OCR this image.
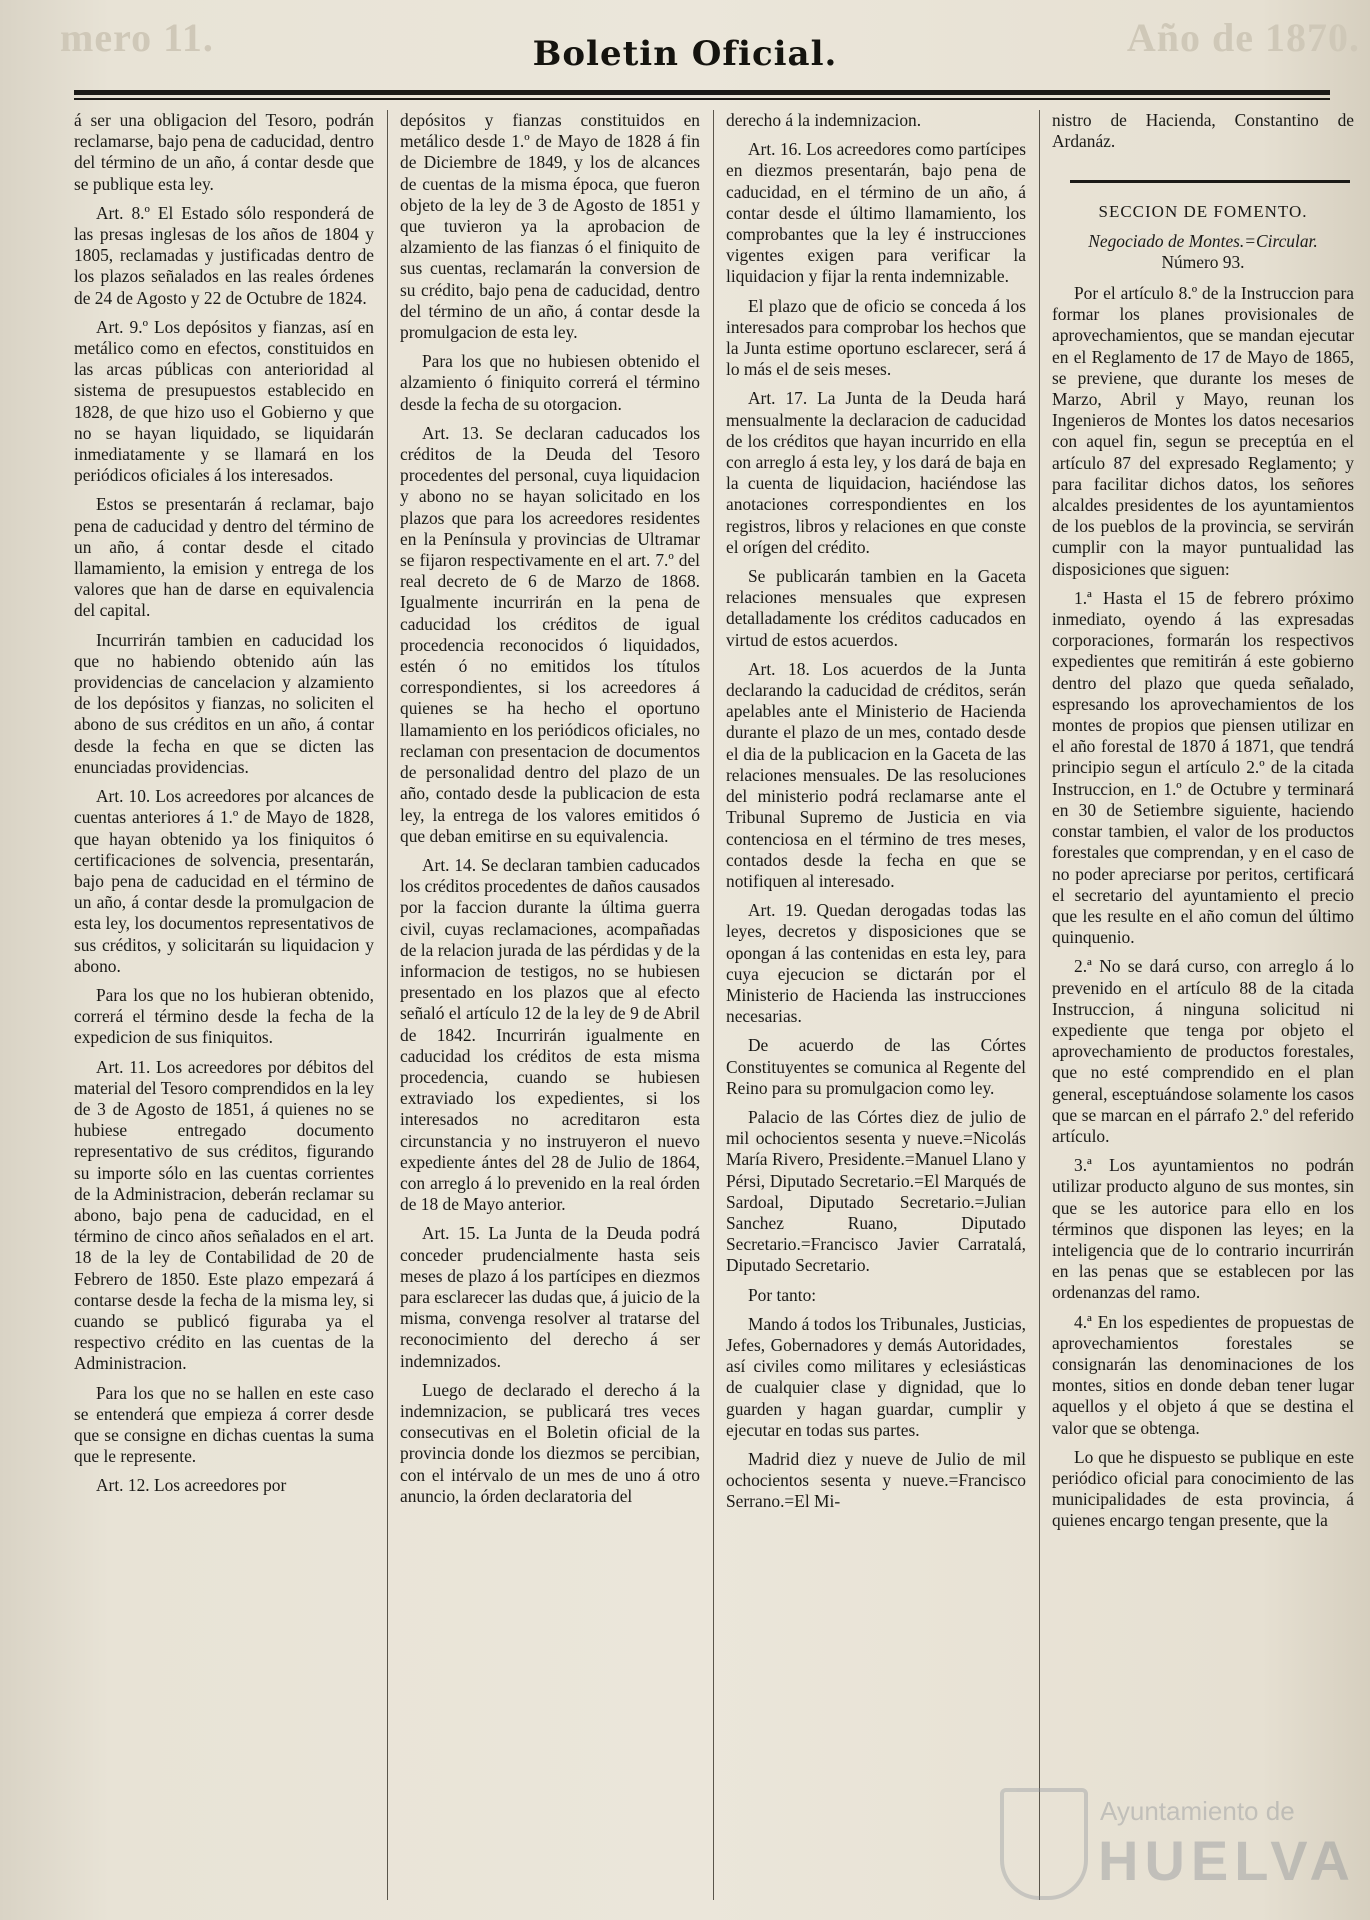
mero 11.	Año de 1870.
Boletin Oficial.

á ser una obligacion del Tesoro, podrán reclamarse, bajo pena de caducidad, dentro del término de un año, á contar desde que se publique esta ley.

Art. 8.º El Estado sólo responderá de las presas inglesas de los años de 1804 y 1805, reclamadas y justificadas dentro de los plazos señalados en las reales órdenes de 24 de Agosto y 22 de Octubre de 1824.

Art. 9.º Los depósitos y fianzas, así en metálico como en efectos, constituidos en las arcas públicas con anterioridad al sistema de presupuestos establecido en 1828, de que hizo uso el Gobierno y que no se hayan liquidado, se liquidarán inmediatamente y se llamará en los periódicos oficiales á los interesados.

Estos se presentarán á reclamar, bajo pena de caducidad y dentro del término de un año, á contar desde el citado llamamiento, la emision y entrega de los valores que han de darse en equivalencia del capital.

Incurrirán tambien en caducidad los que no habiendo obtenido aún las providencias de cancelacion y alzamiento de los depósitos y fianzas, no soliciten el abono de sus créditos en un año, á contar desde la fecha en que se dicten las enunciadas providencias.

Art. 10. Los acreedores por alcances de cuentas anteriores á 1.º de Mayo de 1828, que hayan obtenido ya los finiquitos ó certificaciones de solvencia, presentarán, bajo pena de caducidad en el término de un año, á contar desde la promulgacion de esta ley, los documentos representativos de sus créditos, y solicitarán su liquidacion y abono.

Para los que no los hubieran obtenido, correrá el término desde la fecha de la expedicion de sus finiquitos.

Art. 11. Los acreedores por débitos del material del Tesoro comprendidos en la ley de 3 de Agosto de 1851, á quienes no se hubiese entregado documento representativo de sus créditos, figurando su importe sólo en las cuentas corrientes de la Administracion, deberán reclamar su abono, bajo pena de caducidad, en el término de cinco años señalados en el art. 18 de la ley de Contabilidad de 20 de Febrero de 1850. Este plazo empezará á contarse desde la fecha de la misma ley, si cuando se publicó figuraba ya el respectivo crédito en las cuentas de la Administracion.

Para los que no se hallen en este caso se entenderá que empieza á correr desde que se consigne en dichas cuentas la suma que le represente.

Art. 12. Los acreedores por

depósitos y fianzas constituidos en metálico desde 1.º de Mayo de 1828 á fin de Diciembre de 1849, y los de alcances de cuentas de la misma época, que fueron objeto de la ley de 3 de Agosto de 1851 y que tuvieron ya la aprobacion de alzamiento de las fianzas ó el finiquito de sus cuentas, reclamarán la conversion de su crédito, bajo pena de caducidad, dentro del término de un año, á contar desde la promulgacion de esta ley.

Para los que no hubiesen obtenido el alzamiento ó finiquito correrá el término desde la fecha de su otorgacion.

Art. 13. Se declaran caducados los créditos de la Deuda del Tesoro procedentes del personal, cuya liquidacion y abono no se hayan solicitado en los plazos que para los acreedores residentes en la Península y provincias de Ultramar se fijaron respectivamente en el art. 7.º del real decreto de 6 de Marzo de 1868. Igualmente incurrirán en la pena de caducidad los créditos de igual procedencia reconocidos ó liquidados, estén ó no emitidos los títulos correspondientes, si los acreedores á quienes se ha hecho el oportuno llamamiento en los periódicos oficiales, no reclaman con presentacion de documentos de personalidad dentro del plazo de un año, contado desde la publicacion de esta ley, la entrega de los valores emitidos ó que deban emitirse en su equivalencia.

Art. 14. Se declaran tambien caducados los créditos procedentes de daños causados por la faccion durante la última guerra civil, cuyas reclamaciones, acompañadas de la relacion jurada de las pérdidas y de la informacion de testigos, no se hubiesen presentado en los plazos que al efecto señaló el artículo 12 de la ley de 9 de Abril de 1842. Incurrirán igualmente en caducidad los créditos de esta misma procedencia, cuando se hubiesen extraviado los expedientes, si los interesados no acreditaron esta circunstancia y no instruyeron el nuevo expediente ántes del 28 de Julio de 1864, con arreglo á lo prevenido en la real órden de 18 de Mayo anterior.

Art. 15. La Junta de la Deuda podrá conceder prudencialmente hasta seis meses de plazo á los partícipes en diezmos para esclarecer las dudas que, á juicio de la misma, convenga resolver al tratarse del reconocimiento del derecho á ser indemnizados.

Luego de declarado el derecho á la indemnizacion, se publicará tres veces consecutivas en el Boletin oficial de la provincia donde los diezmos se percibian, con el intérvalo de un mes de uno á otro anuncio, la órden declaratoria del

derecho á la indemnizacion.

Art. 16. Los acreedores como partícipes en diezmos presentarán, bajo pena de caducidad, en el término de un año, á contar desde el último llamamiento, los comprobantes que la ley é instrucciones vigentes exigen para verificar la liquidacion y fijar la renta indemnizable.

El plazo que de oficio se conceda á los interesados para comprobar los hechos que la Junta estime oportuno esclarecer, será á lo más el de seis meses.

Art. 17. La Junta de la Deuda hará mensualmente la declaracion de caducidad de los créditos que hayan incurrido en ella con arreglo á esta ley, y los dará de baja en la cuenta de liquidacion, haciéndose las anotaciones correspondientes en los registros, libros y relaciones en que conste el orígen del crédito.

Se publicarán tambien en la Gaceta relaciones mensuales que expresen detalladamente los créditos caducados en virtud de estos acuerdos.

Art. 18. Los acuerdos de la Junta declarando la caducidad de créditos, serán apelables ante el Ministerio de Hacienda durante el plazo de un mes, contado desde el dia de la publicacion en la Gaceta de las relaciones mensuales. De las resoluciones del ministerio podrá reclamarse ante el Tribunal Supremo de Justicia en via contenciosa en el término de tres meses, contados desde la fecha en que se notifiquen al interesado.

Art. 19. Quedan derogadas todas las leyes, decretos y disposiciones que se opongan á las contenidas en esta ley, para cuya ejecucion se dictarán por el Ministerio de Hacienda las instrucciones necesarias.

De acuerdo de las Córtes Constituyentes se comunica al Regente del Reino para su promulgacion como ley.

Palacio de las Córtes diez de julio de mil ochocientos sesenta y nueve.=Nicolás María Rivero, Presidente.=Manuel Llano y Pérsi, Diputado Secretario.=El Marqués de Sardoal, Diputado Secretario.=Julian Sanchez Ruano, Diputado Secretario.=Francisco Javier Carratalá, Diputado Secretario.

Por tanto:

Mando á todos los Tribunales, Justicias, Jefes, Gobernadores y demás Autoridades, así civiles como militares y eclesiásticas de cualquier clase y dignidad, que lo guarden y hagan guardar, cumplir y ejecutar en todas sus partes.

Madrid diez y nueve de Julio de mil ochocientos sesenta y nueve.=Francisco Serrano.=El Mi-

nistro de Hacienda, Constantino de Ardanáz.

SECCION DE FOMENTO.

Negociado de Montes.=Circular.

Número 93.

Por el artículo 8.º de la Instruccion para formar los planes provisionales de aprovechamientos, que se mandan ejecutar en el Reglamento de 17 de Mayo de 1865, se previene, que durante los meses de Marzo, Abril y Mayo, reunan los Ingenieros de Montes los datos necesarios con aquel fin, segun se preceptúa en el artículo 87 del expresado Reglamento; y para facilitar dichos datos, los señores alcaldes presidentes de los ayuntamientos de los pueblos de la provincia, se servirán cumplir con la mayor puntualidad las disposiciones que siguen:

1.ª Hasta el 15 de febrero próximo inmediato, oyendo á las expresadas corporaciones, formarán los respectivos expedientes que remitirán á este gobierno dentro del plazo que queda señalado, espresando los aprovechamientos de los montes de propios que piensen utilizar en el año forestal de 1870 á 1871, que tendrá principio segun el artículo 2.º de la citada Instruccion, en 1.º de Octubre y terminará en 30 de Setiembre siguiente, haciendo constar tambien, el valor de los productos forestales que comprendan, y en el caso de no poder apreciarse por peritos, certificará el secretario del ayuntamiento el precio que les resulte en el año comun del último quinquenio.

2.ª No se dará curso, con arreglo á lo prevenido en el artículo 88 de la citada Instruccion, á ninguna solicitud ni expediente que tenga por objeto el aprovechamiento de productos forestales, que no esté comprendido en el plan general, esceptuándose solamente los casos que se marcan en el párrafo 2.º del referido artículo.

3.ª Los ayuntamientos no podrán utilizar producto alguno de sus montes, sin que se les autorice para ello en los términos que disponen las leyes; en la inteligencia que de lo contrario incurrirán en las penas que se establecen por las ordenanzas del ramo.

4.ª En los espedientes de propuestas de aprovechamientos forestales se consignarán las denominaciones de los montes, sitios en donde deban tener lugar aquellos y el objeto á que se destina el valor que se obtenga.

Lo que he dispuesto se publique en este periódico oficial para conocimiento de las municipalidades de esta provincia, á quienes encargo tengan presente, que la

Ayuntamiento de
HUELVA
